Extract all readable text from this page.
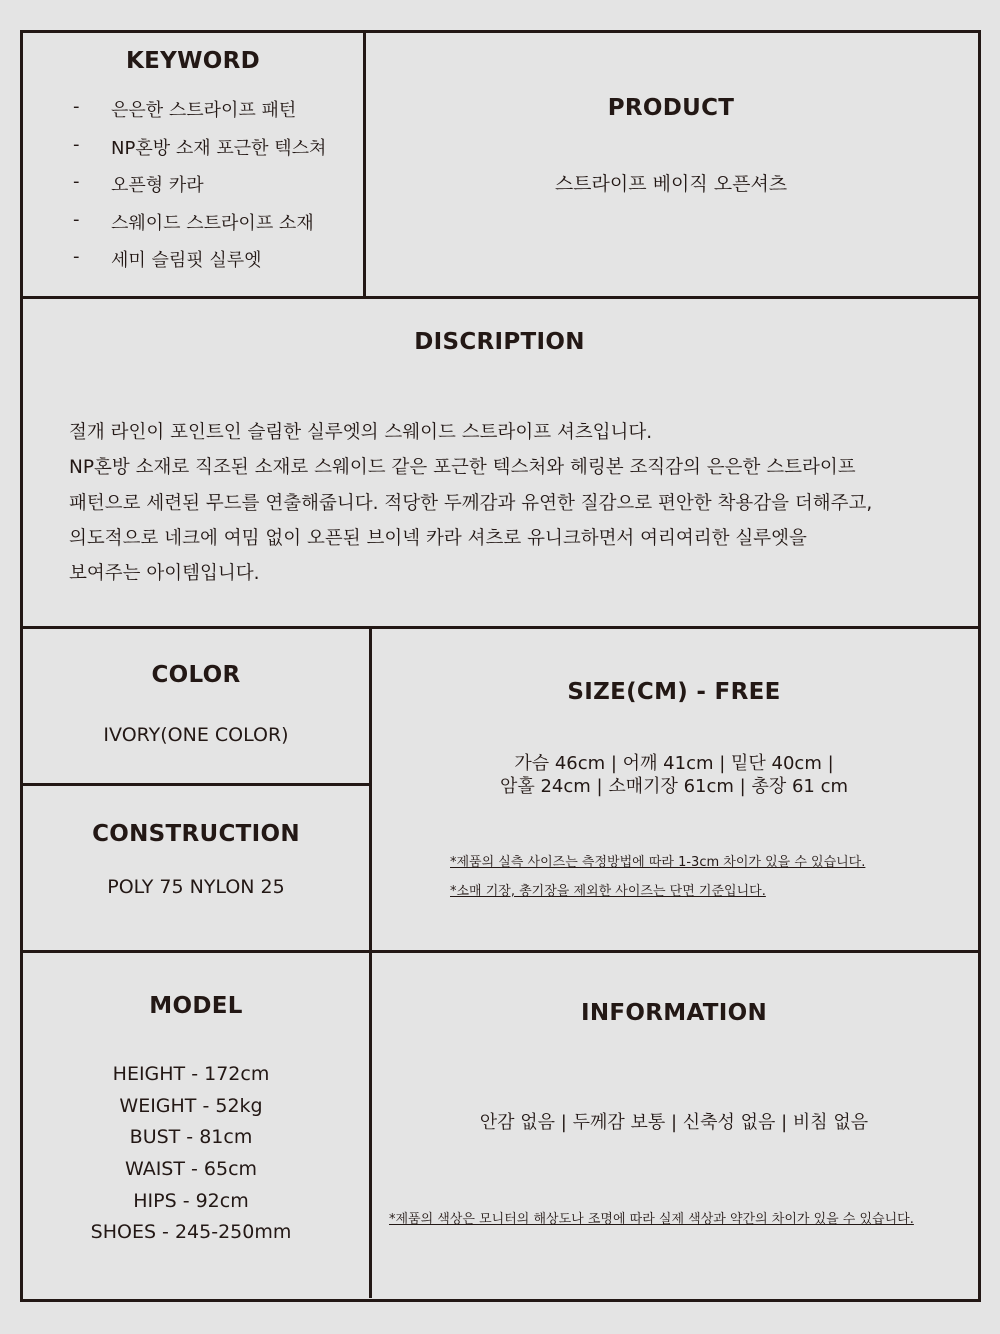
KEYWORD
- 은은한 스트라이프 패턴
- NP혼방 소재 포근한 텍스쳐
- 오픈형 카라
- 스웨이드 스트라이프 소재
- 세미 슬림핏 실루엣
PRODUCT

스트라이프 베이직 오픈셔츠

DISCRIPTION

절개 라인이 포인트인 슬림한 실루엣의 스웨이드 스트라이프 셔츠입니다.

NP혼방 소재로 직조된 소재로 스웨이드 같은 포근한 텍스처와 헤링본 조직감의 은은한 스트라이프

패턴으로 세련된 무드를 연출해줍니다. 적당한 두께감과 유연한 질감으로 편안한 착용감을 더해주고,

의도적으로 네크에 여밈 없이 오픈된 브이넥 카라 셔츠로 유니크하면서 여리여리한 실루엣을

보여주는 아이템입니다.

COLOR

IVORY(ONE COLOR)

CONSTRUCTION

POLY 75 NYLON 25

SIZE(CM) - FREE

가슴 46cm | 어깨 41cm | 밑단 40cm |

암홀 24cm | 소매기장 61cm | 총장 61 cm

*제품의 실측 사이즈는 측정방법에 따라 1-3cm 차이가 있을 수 있습니다.

*소매 기장, 총기장을 제외한 사이즈는 단면 기준입니다.

MODEL

HEIGHT - 172cm

WEIGHT - 52kg

BUST - 81cm

WAIST - 65cm

HIPS - 92cm

SHOES - 245-250mm

INFORMATION

안감 없음 | 두께감 보통 | 신축성 없음 | 비침 없음

*제품의 색상은 모니터의 해상도나 조명에 따라 실제 색상과 약간의 차이가 있을 수 있습니다.
